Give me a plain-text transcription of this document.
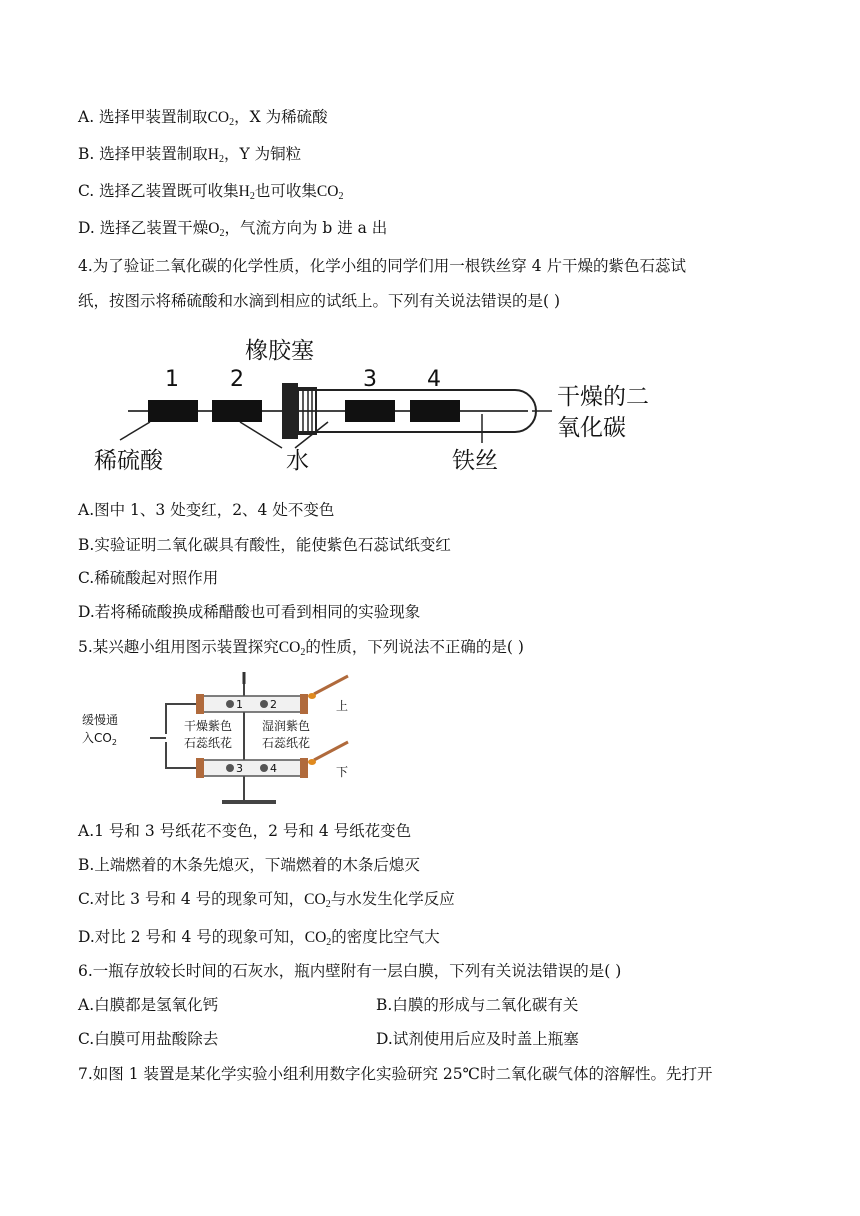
A. 选择甲装置制取$CO_2$，X 为稀硫酸
B. 选择甲装置制取$H_2$，Y 为铜粒
C. 选择乙装置既可收集$H_2$也可收集$CO_2$
D. 选择乙装置干燥$O_2$，气流方向为 b 进 a 出
4.为了验证二氧化碳的化学性质，化学小组的同学们用一根铁丝穿 4 片干燥的紫色石蕊试
纸，按图示将稀硫酸和水滴到相应的试纸上。下列有关说法错误的是( )
1 2	3 4
橡胶塞
稀硫酸	水	铁丝
干燥的二
氧化碳
A.图中 1、3 处变红，2、4 处不变色
B.实验证明二氧化碳具有酸性，能使紫色石蕊试纸变红
C.稀硫酸起对照作用
D.若将稀硫酸换成稀醋酸也可看到相同的实验现象
5.某兴趣小组用图示装置探究$CO_2$的性质，下列说法不正确的是( )
缓慢通
入$CO_2$
干燥紫色
石蕊纸花
湿润紫色
石蕊纸花
1 2
3 4
上
下
A.1 号和 3 号纸花不变色，2 号和 4 号纸花变色
B.上端燃着的木条先熄灭，下端燃着的木条后熄灭
C.对比 3 号和 4 号的现象可知，$CO_2$与水发生化学反应
D.对比 2 号和 4 号的现象可知，$CO_2$的密度比空气大
6.一瓶存放较长时间的石灰水，瓶内壁附有一层白膜，下列有关说法错误的是( )
A.白膜都是氢氧化钙	B.白膜的形成与二氧化碳有关
C.白膜可用盐酸除去	D.试剂使用后应及时盖上瓶塞
7.如图 1 装置是某化学实验小组利用数字化实验研究 25℃时二氧化碳气体的溶解性。先打开
